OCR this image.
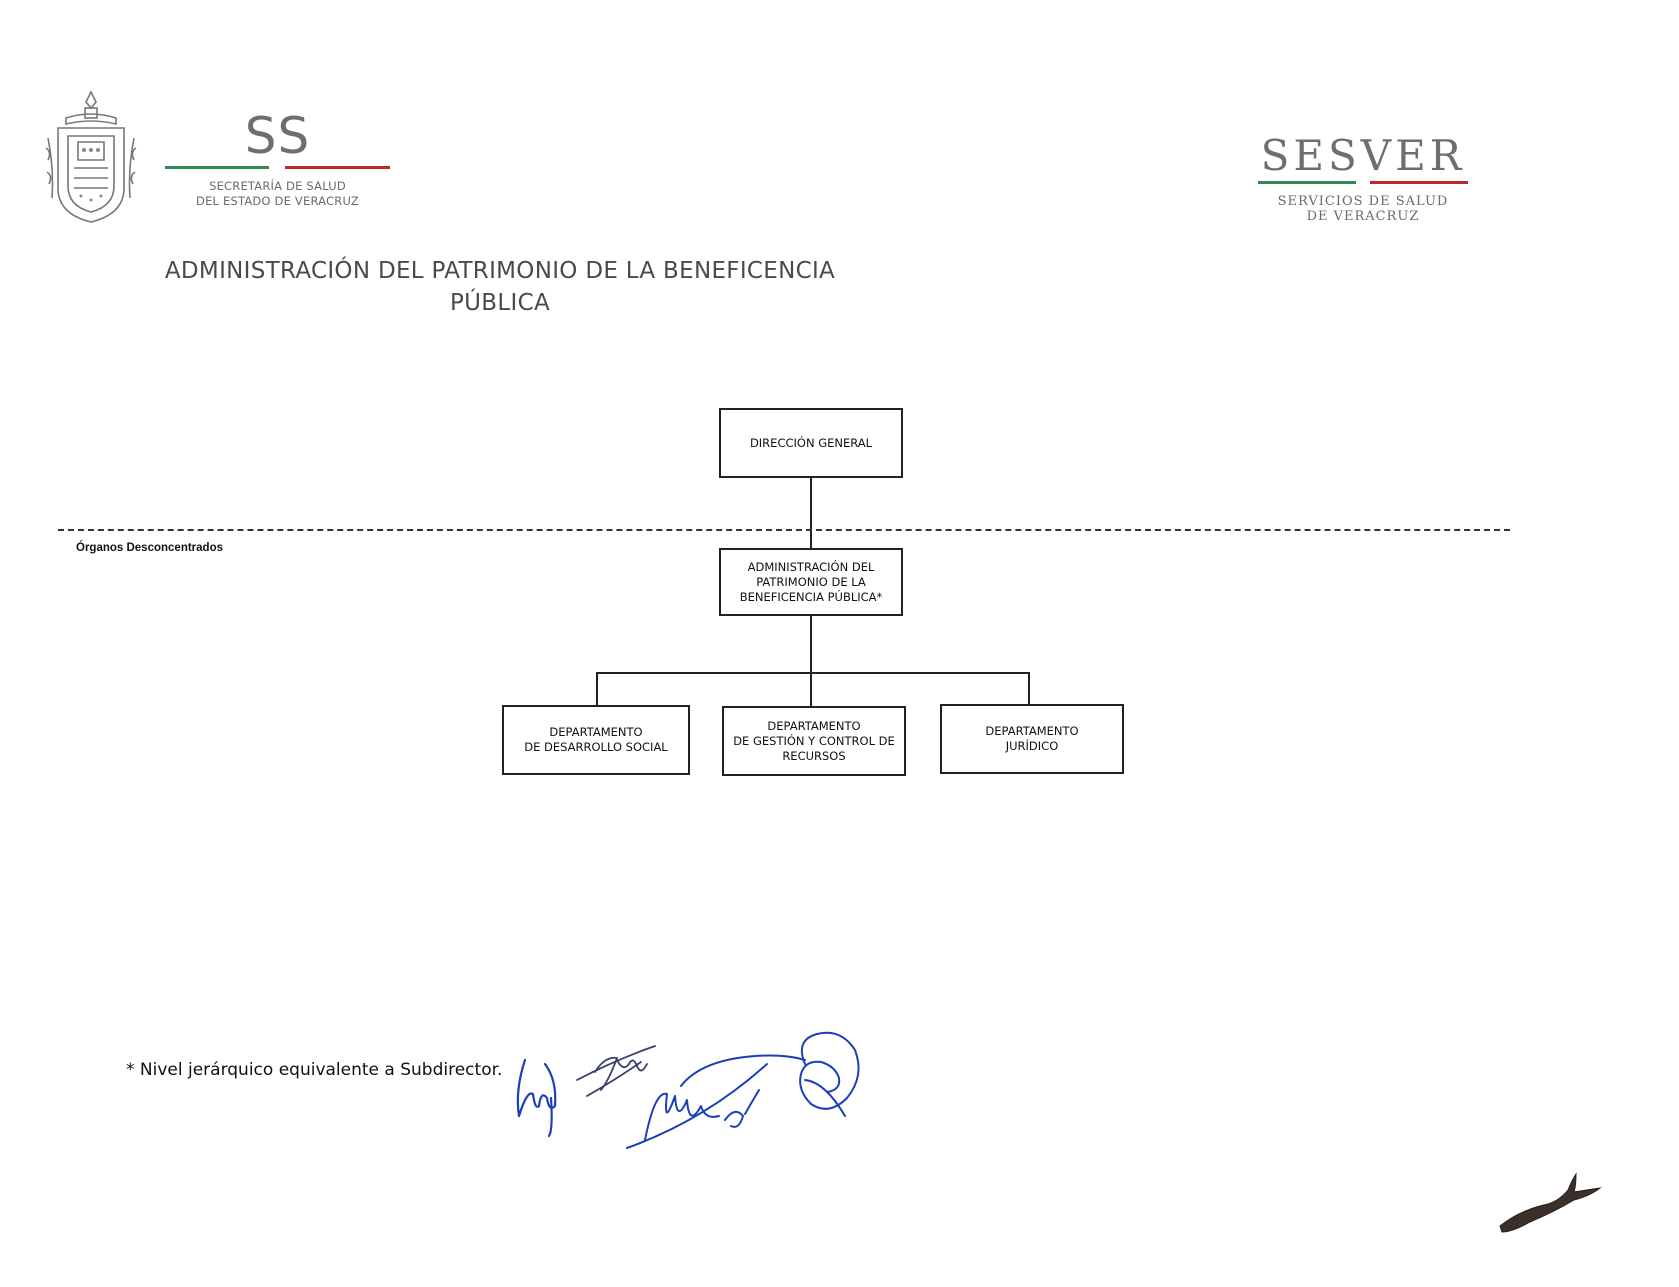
SS
SECRETARÍA DE SALUD
DEL ESTADO DE VERACRUZ
SESVER
SERVICIOS DE SALUD
DE VERACRUZ
ADMINISTRACIÓN DEL PATRIMONIO DE LA BENEFICENCIA
PÚBLICA
DIRECCIÓN GENERAL
Órganos Desconcentrados
ADMINISTRACIÓN DEL
PATRIMONIO DE LA
BENEFICENCIA PÚBLICA*
DEPARTAMENTO
DE DESARROLLO SOCIAL
DEPARTAMENTO
DE GESTIÓN Y CONTROL DE
RECURSOS
DEPARTAMENTO
JURÍDICO
* Nivel jerárquico equivalente a Subdirector.
